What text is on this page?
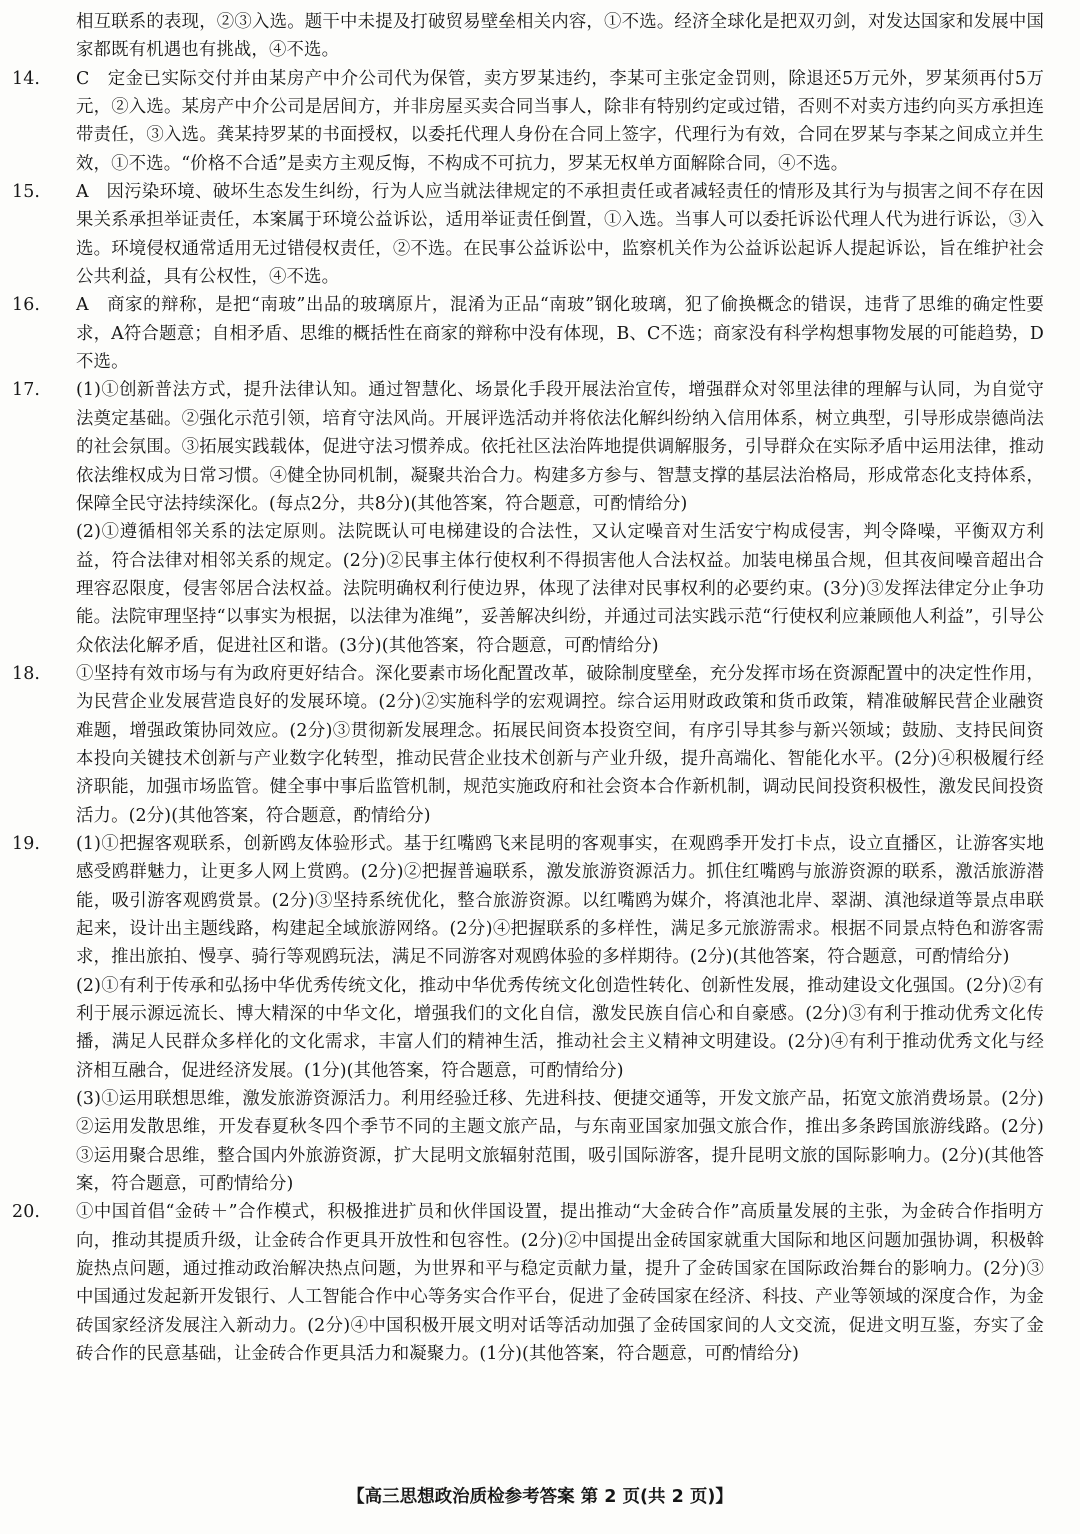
相互联系的表现，②③入选。题干中未提及打破贸易壁垒相关内容，①不选。经济全球化是把双刃剑，对发达国家和发展中国家都既有机遇也有挑战，④不选。

14.	C　定金已实际交付并由某房产中介公司代为保管，卖方罗某违约，李某可主张定金罚则，除退还5万元外，罗某须再付5万元，②入选。某房产中介公司是居间方，并非房屋买卖合同当事人，除非有特别约定或过错，否则不对卖方违约向买方承担连带责任，③入选。龚某持罗某的书面授权，以委托代理人身份在合同上签字，代理行为有效，合同在罗某与李某之间成立并生效，①不选。“价格不合适”是卖方主观反悔，不构成不可抗力，罗某无权单方面解除合同，④不选。

15.	A　因污染环境、破坏生态发生纠纷，行为人应当就法律规定的不承担责任或者减轻责任的情形及其行为与损害之间不存在因果关系承担举证责任，本案属于环境公益诉讼，适用举证责任倒置，①入选。当事人可以委托诉讼代理人代为进行诉讼，③入选。环境侵权通常适用无过错侵权责任，②不选。在民事公益诉讼中，监察机关作为公益诉讼起诉人提起诉讼，旨在维护社会公共利益，具有公权性，④不选。

16.	A　商家的辩称，是把“南玻”出品的玻璃原片，混淆为正品“南玻”钢化玻璃，犯了偷换概念的错误，违背了思维的确定性要求，A符合题意；自相矛盾、思维的概括性在商家的辩称中没有体现，B、C不选；商家没有科学构想事物发展的可能趋势，D不选。

17.	(1)①创新普法方式，提升法律认知。通过智慧化、场景化手段开展法治宣传，增强群众对邻里法律的理解与认同，为自觉守法奠定基础。②强化示范引领，培育守法风尚。开展评选活动并将依法化解纠纷纳入信用体系，树立典型，引导形成崇德尚法的社会氛围。③拓展实践载体，促进守法习惯养成。依托社区法治阵地提供调解服务，引导群众在实际矛盾中运用法律，推动依法维权成为日常习惯。④健全协同机制，凝聚共治合力。构建多方参与、智慧支撑的基层法治格局，形成常态化支持体系，保障全民守法持续深化。(每点2分，共8分)(其他答案，符合题意，可酌情给分)

(2)①遵循相邻关系的法定原则。法院既认可电梯建设的合法性，又认定噪音对生活安宁构成侵害，判令降噪，平衡双方利益，符合法律对相邻关系的规定。(2分)②民事主体行使权利不得损害他人合法权益。加装电梯虽合规，但其夜间噪音超出合理容忍限度，侵害邻居合法权益。法院明确权利行使边界，体现了法律对民事权利的必要约束。(3分)③发挥法律定分止争功能。法院审理坚持“以事实为根据，以法律为准绳”，妥善解决纠纷，并通过司法实践示范“行使权利应兼顾他人利益”，引导公众依法化解矛盾，促进社区和谐。(3分)(其他答案，符合题意，可酌情给分)

18.	①坚持有效市场与有为政府更好结合。深化要素市场化配置改革，破除制度壁垒，充分发挥市场在资源配置中的决定性作用，为民营企业发展营造良好的发展环境。(2分)②实施科学的宏观调控。综合运用财政政策和货币政策，精准破解民营企业融资难题，增强政策协同效应。(2分)③贯彻新发展理念。拓展民间资本投资空间，有序引导其参与新兴领域；鼓励、支持民间资本投向关键技术创新与产业数字化转型，推动民营企业技术创新与产业升级，提升高端化、智能化水平。(2分)④积极履行经济职能，加强市场监管。健全事中事后监管机制，规范实施政府和社会资本合作新机制，调动民间投资积极性，激发民间投资活力。(2分)(其他答案，符合题意，酌情给分)

19.	(1)①把握客观联系，创新鸥友体验形式。基于红嘴鸥飞来昆明的客观事实，在观鸥季开发打卡点，设立直播区，让游客实地感受鸥群魅力，让更多人网上赏鸥。(2分)②把握普遍联系，激发旅游资源活力。抓住红嘴鸥与旅游资源的联系，激活旅游潜能，吸引游客观鸥赏景。(2分)③坚持系统优化，整合旅游资源。以红嘴鸥为媒介，将滇池北岸、翠湖、滇池绿道等景点串联起来，设计出主题线路，构建起全域旅游网络。(2分)④把握联系的多样性，满足多元旅游需求。根据不同景点特色和游客需求，推出旅拍、慢享、骑行等观鸥玩法，满足不同游客对观鸥体验的多样期待。(2分)(其他答案，符合题意，可酌情给分)

(2)①有利于传承和弘扬中华优秀传统文化，推动中华优秀传统文化创造性转化、创新性发展，推动建设文化强国。(2分)②有利于展示源远流长、博大精深的中华文化，增强我们的文化自信，激发民族自信心和自豪感。(2分)③有利于推动优秀文化传播，满足人民群众多样化的文化需求，丰富人们的精神生活，推动社会主义精神文明建设。(2分)④有利于推动优秀文化与经济相互融合，促进经济发展。(1分)(其他答案，符合题意，可酌情给分)

(3)①运用联想思维，激发旅游资源活力。利用经验迁移、先进科技、便捷交通等，开发文旅产品，拓宽文旅消费场景。(2分)②运用发散思维，开发春夏秋冬四个季节不同的主题文旅产品，与东南亚国家加强文旅合作，推出多条跨国旅游线路。(2分)③运用聚合思维，整合国内外旅游资源，扩大昆明文旅辐射范围，吸引国际游客，提升昆明文旅的国际影响力。(2分)(其他答案，符合题意，可酌情给分)

20.	①中国首倡“金砖＋”合作模式，积极推进扩员和伙伴国设置，提出推动“大金砖合作”高质量发展的主张，为金砖合作指明方向，推动其提质升级，让金砖合作更具开放性和包容性。(2分)②中国提出金砖国家就重大国际和地区问题加强协调，积极斡旋热点问题，通过推动政治解决热点问题，为世界和平与稳定贡献力量，提升了金砖国家在国际政治舞台的影响力。(2分)③中国通过发起新开发银行、人工智能合作中心等务实合作平台，促进了金砖国家在经济、科技、产业等领域的深度合作，为金砖国家经济发展注入新动力。(2分)④中国积极开展文明对话等活动加强了金砖国家间的人文交流，促进文明互鉴，夯实了金砖合作的民意基础，让金砖合作更具活力和凝聚力。(1分)(其他答案，符合题意，可酌情给分)

【高三思想政治质检参考答案 第 2 页(共 2 页)】
